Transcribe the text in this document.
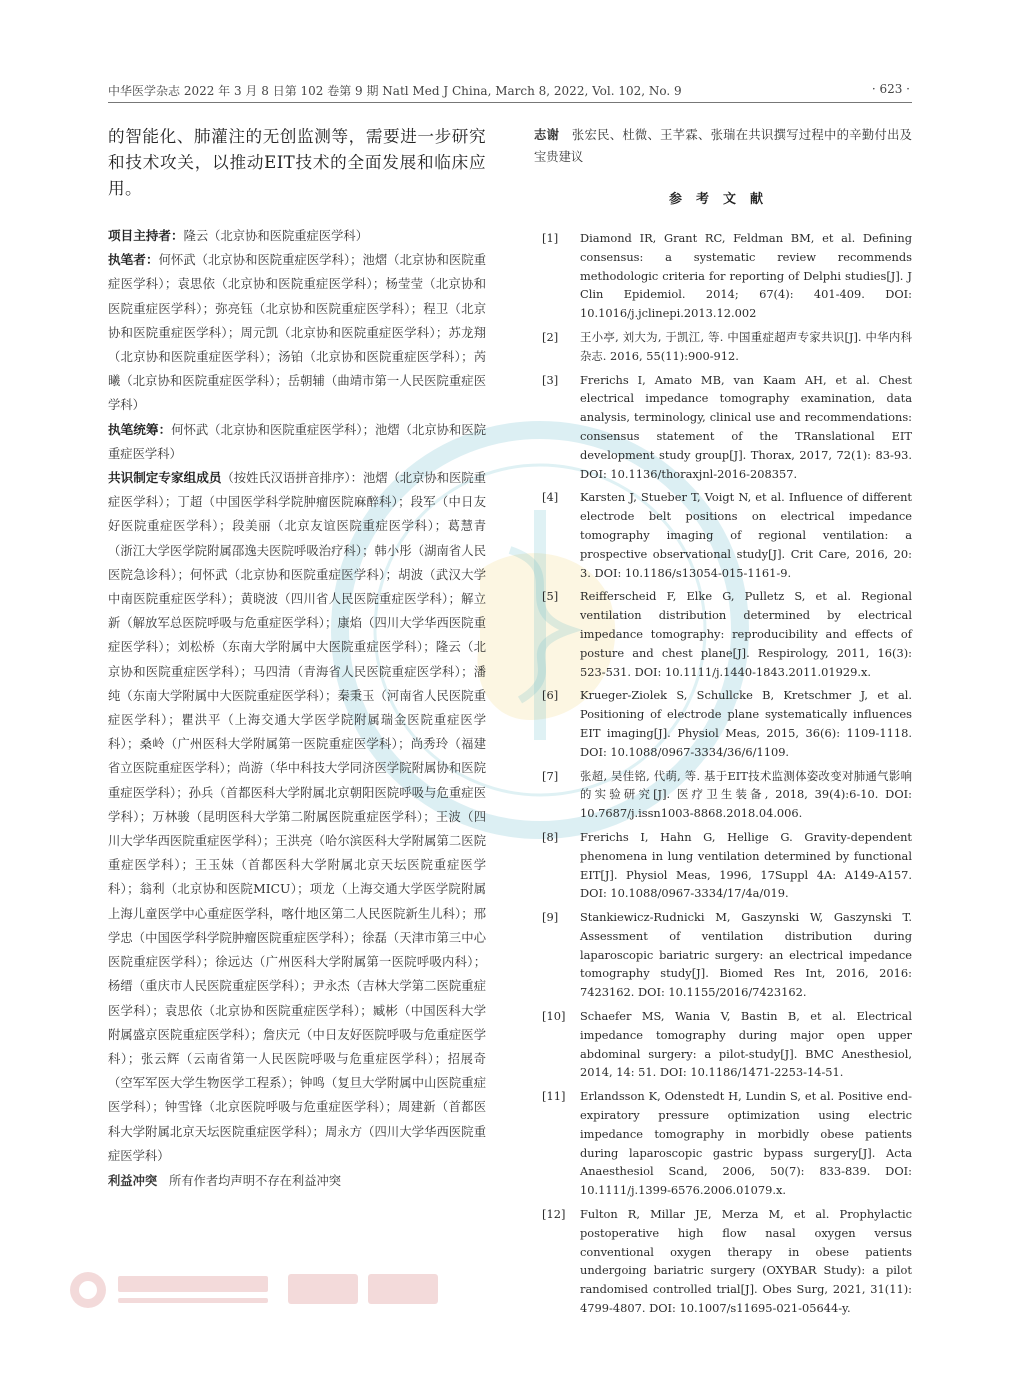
中华医学杂志 2022 年 3 月 8 日第 102 卷第 9 期 Natl Med J China, March 8, 2022, Vol. 102, No. 9	· 623 ·

的智能化、肺灌注的无创监测等，需要进一步研究和技术攻关，以推动EIT技术的全面发展和临床应用。

项目主持者：隆云（北京协和医院重症医学科）

执笔者：何怀武（北京协和医院重症医学科）；池熠（北京协和医院重症医学科）；袁思依（北京协和医院重症医学科）；杨莹莹（北京协和医院重症医学科）；弥亮钰（北京协和医院重症医学科）；程卫（北京协和医院重症医学科）；周元凯（北京协和医院重症医学科）；苏龙翔（北京协和医院重症医学科）；汤铂（北京协和医院重症医学科）；芮曦（北京协和医院重症医学科）；岳朝辅（曲靖市第一人民医院重症医学科）

执笔统筹：何怀武（北京协和医院重症医学科）；池熠（北京协和医院重症医学科）

共识制定专家组成员（按姓氏汉语拼音排序）：池熠（北京协和医院重症医学科）；丁超（中国医学科学院肿瘤医院麻醉科）；段军（中日友好医院重症医学科）；段美丽（北京友谊医院重症医学科）；葛慧青（浙江大学医学院附属邵逸夫医院呼吸治疗科）；韩小彤（湖南省人民医院急诊科）；何怀武（北京协和医院重症医学科）；胡波（武汉大学中南医院重症医学科）；黄晓波（四川省人民医院重症医学科）；解立新（解放军总医院呼吸与危重症医学科）；康焰（四川大学华西医院重症医学科）；刘松桥（东南大学附属中大医院重症医学科）；隆云（北京协和医院重症医学科）；马四清（青海省人民医院重症医学科）；潘纯（东南大学附属中大医院重症医学科）；秦秉玉（河南省人民医院重症医学科）；瞿洪平（上海交通大学医学院附属瑞金医院重症医学科）；桑岭（广州医科大学附属第一医院重症医学科）；尚秀玲（福建省立医院重症医学科）；尚游（华中科技大学同济医学院附属协和医院重症医学科）；孙兵（首都医科大学附属北京朝阳医院呼吸与危重症医学科）；万林骏（昆明医科大学第二附属医院重症医学科）；王波（四川大学华西医院重症医学科）；王洪亮（哈尔滨医科大学附属第二医院重症医学科）；王玉妹（首都医科大学附属北京天坛医院重症医学科）；翁利（北京协和医院MICU）；项龙（上海交通大学医学院附属上海儿童医学中心重症医学科，喀什地区第二人民医院新生儿科）；邢学忠（中国医学科学院肿瘤医院重症医学科）；徐磊（天津市第三中心医院重症医学科）；徐远达（广州医科大学附属第一医院呼吸内科）；杨缙（重庆市人民医院重症医学科）；尹永杰（吉林大学第二医院重症医学科）；袁思依（北京协和医院重症医学科）；臧彬（中国医科大学附属盛京医院重症医学科）；詹庆元（中日友好医院呼吸与危重症医学科）；张云辉（云南省第一人民医院呼吸与危重症医学科）；招展奇（空军军医大学生物医学工程系）；钟鸣（复旦大学附属中山医院重症医学科）；钟雪锋（北京医院呼吸与危重症医学科）；周建新（首都医科大学附属北京天坛医院重症医学科）；周永方（四川大学华西医院重症医学科）

利益冲突 所有作者均声明不存在利益冲突

志谢 张宏民、杜微、王芊霖、张瑞在共识撰写过程中的辛勤付出及宝贵建议

参考文献
[1] Diamond IR, Grant RC, Feldman BM, et al. Defining consensus: a systematic review recommends methodologic criteria for reporting of Delphi studies[J]. J Clin Epidemiol. 2014; 67(4): 401-409. DOI: 10.1016/j.jclinepi.2013.12.002
[2] 王小亭, 刘大为, 于凯江, 等. 中国重症超声专家共识[J]. 中华内科杂志. 2016, 55(11):900-912.
[3] Frerichs I, Amato MB, van Kaam AH, et al. Chest electrical impedance tomography examination, data analysis, terminology, clinical use and recommendations: consensus statement of the TRanslational EIT development study group[J]. Thorax, 2017, 72(1): 83-93. DOI: 10.1136/thoraxjnl-2016-208357.
[4] Karsten J, Stueber T, Voigt N, et al. Influence of different electrode belt positions on electrical impedance tomography imaging of regional ventilation: a prospective observational study[J]. Crit Care, 2016, 20: 3. DOI: 10.1186/s13054-015-1161-9.
[5] Reifferscheid F, Elke G, Pulletz S, et al. Regional ventilation distribution determined by electrical impedance tomography: reproducibility and effects of posture and chest plane[J]. Respirology, 2011, 16(3): 523-531. DOI: 10.1111/j.1440-1843.2011.01929.x.
[6] Krueger-Ziolek S, Schullcke B, Kretschmer J, et al. Positioning of electrode plane systematically influences EIT imaging[J]. Physiol Meas, 2015, 36(6): 1109-1118. DOI: 10.1088/0967-3334/36/6/1109.
[7] 张超, 吴佳铭, 代萌, 等. 基于EIT技术监测体姿改变对肺通气影响的实验研究[J]. 医疗卫生装备, 2018, 39(4):6-10. DOI: 10.7687/j.issn1003-8868.2018.04.006.
[8] Frerichs I, Hahn G, Hellige G. Gravity-dependent phenomena in lung ventilation determined by functional EIT[J]. Physiol Meas, 1996, 17Suppl 4A: A149-A157. DOI: 10.1088/0967-3334/17/4a/019.
[9] Stankiewicz-Rudnicki M, Gaszynski W, Gaszynski T. Assessment of ventilation distribution during laparoscopic bariatric surgery: an electrical impedance tomography study[J]. Biomed Res Int, 2016, 2016: 7423162. DOI: 10.1155/2016/7423162.
[10] Schaefer MS, Wania V, Bastin B, et al. Electrical impedance tomography during major open upper abdominal surgery: a pilot-study[J]. BMC Anesthesiol, 2014, 14: 51. DOI: 10.1186/1471-2253-14-51.
[11] Erlandsson K, Odenstedt H, Lundin S, et al. Positive end-expiratory pressure optimization using electric impedance tomography in morbidly obese patients during laparoscopic gastric bypass surgery[J]. Acta Anaesthesiol Scand, 2006, 50(7): 833-839. DOI: 10.1111/j.1399-6576.2006.01079.x.
[12] Fulton R, Millar JE, Merza M, et al. Prophylactic postoperative high flow nasal oxygen versus conventional oxygen therapy in obese patients undergoing bariatric surgery (OXYBAR Study): a pilot randomised controlled trial[J]. Obes Surg, 2021, 31(11): 4799-4807. DOI: 10.1007/s11695-021-05644-y.
